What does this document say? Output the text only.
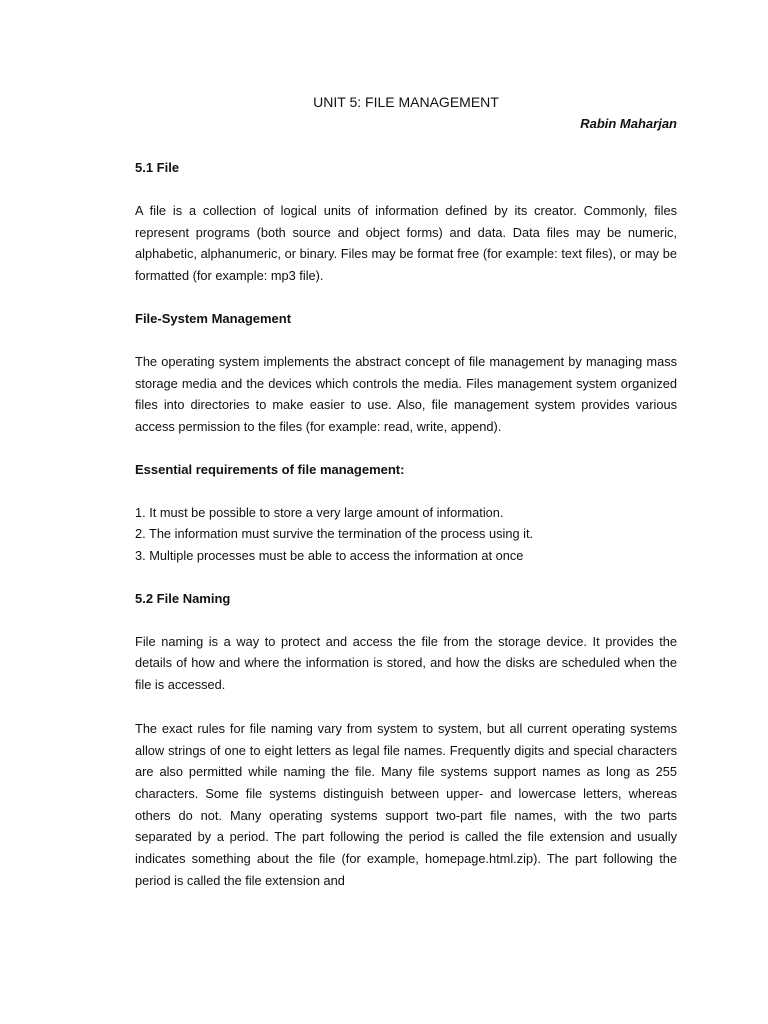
UNIT 5: FILE MANAGEMENT

Rabin Maharjan

5.1 File

A file is a collection of logical units of information defined by its creator. Commonly, files represent programs (both source and object forms) and data. Data files may be numeric, alphabetic, alphanumeric, or binary. Files may be format free (for example: text files), or may be formatted (for example: mp3 file).

File-System Management

The operating system implements the abstract concept of file management by managing mass storage media and the devices which controls the media. Files management system organized files into directories to make easier to use. Also, file management system provides various access permission to the files (for example: read, write, append).

Essential requirements of file management:
1. It must be possible to store a very large amount of information.
2. The information must survive the termination of the process using it.
3. Multiple processes must be able to access the information at once
5.2 File Naming

File naming is a way to protect and access the file from the storage device. It provides the details of how and where the information is stored, and how the disks are scheduled when the file is accessed.

The exact rules for file naming vary from system to system, but all current operating systems allow strings of one to eight letters as legal file names. Frequently digits and special characters are also permitted while naming the file. Many file systems support names as long as 255 characters. Some file systems distinguish between upper- and lowercase letters, whereas others do not. Many operating systems support two-part file names, with the two parts separated by a period. The part following the period is called the file extension and usually indicates something about the file (for example, homepage.html.zip). The part following the period is called the file extension and
